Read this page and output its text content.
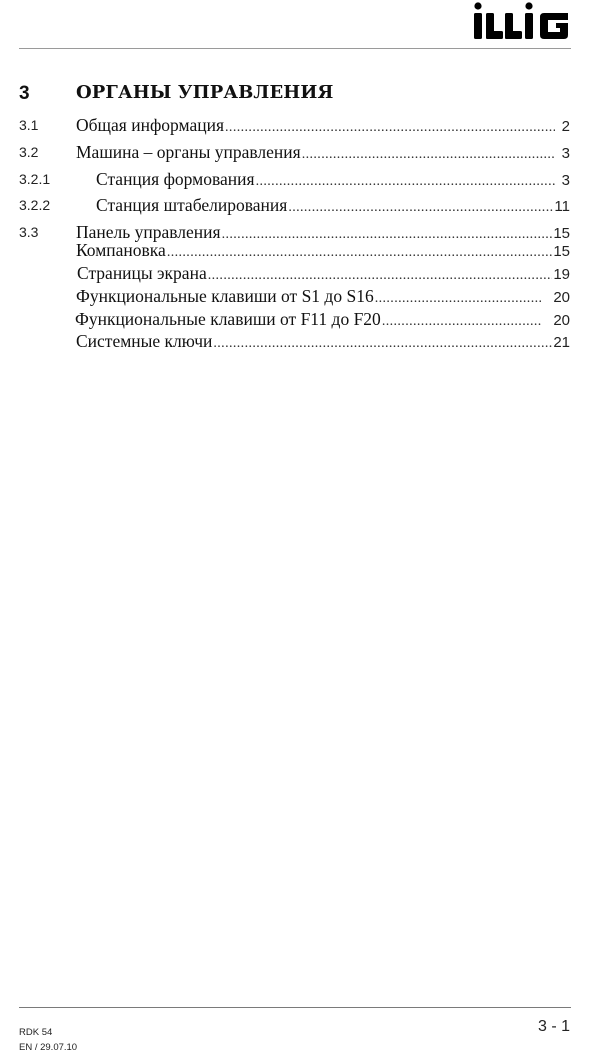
3	ОРГАНЫ УПРАВЛЕНИЯ
3.1 Общая информация .....	2
3.2 Машина – органы управления .....	3
3.2.1	Станция формования .....	3
3.2.2	Станция штабелирования .....	11
3.3 Панель управления .....	15
Компановка .....	15
Страницы экрана .....	19
Функциональные клавиши от S1 до S16 .....	20
Функциональные клавиши от F11 до F20 .....	20
Системные ключи .....	21
RDK 54
EN / 29.07.10
3 - 1
